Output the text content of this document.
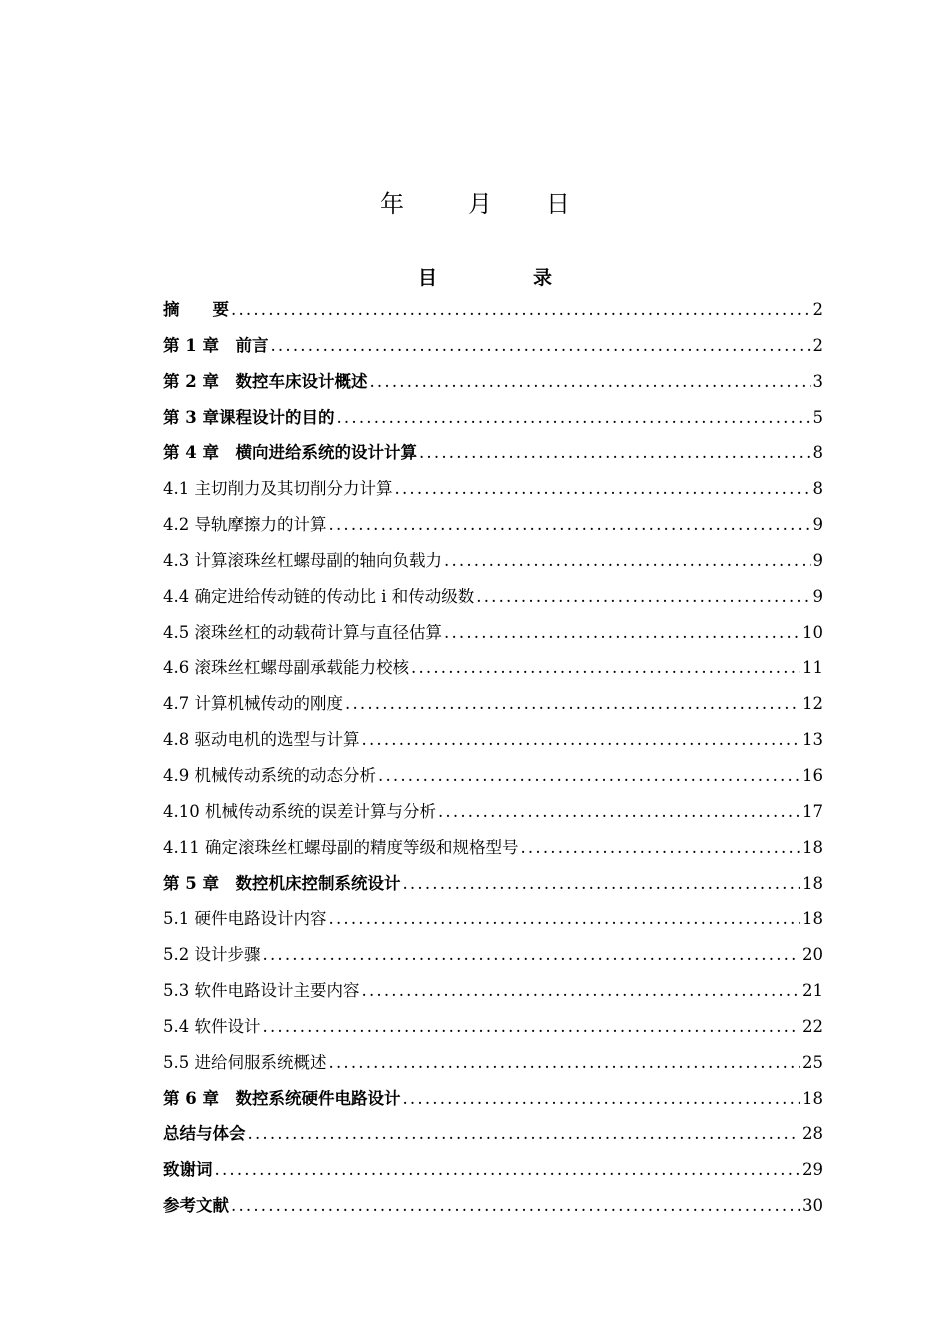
年	月 日
目	录
摘　　要 .....	2
第 1 章　前言 .....	2
第 2 章　数控车床设计概述 .....	3
第 3 章课程设计的目的 .....	5
第 4 章　横向进给系统的设计计算 .....	8
4.1 主切削力及其切削分力计算 .....	8
4.2 导轨摩擦力的计算 .....	9
4.3 计算滚珠丝杠螺母副的轴向负载力 .....	9
4.4 确定进给传动链的传动比 i 和传动级数 .....	9
4.5 滚珠丝杠的动载荷计算与直径估算 .....	10
4.6 滚珠丝杠螺母副承载能力校核 .....	11
4.7 计算机械传动的刚度 .....	12
4.8 驱动电机的选型与计算 .....	13
4.9 机械传动系统的动态分析 .....	16
4.10 机械传动系统的误差计算与分析 .....	17
4.11 确定滚珠丝杠螺母副的精度等级和规格型号 .....	18
第 5 章　数控机床控制系统设计 .....	18
5.1 硬件电路设计内容 .....	18
5.2 设计步骤 .....	20
5.3 软件电路设计主要内容 .....	21
5.4 软件设计 .....	22
5.5 进给伺服系统概述 .....	25
第 6 章　数控系统硬件电路设计 .....	18
总结与体会 .....	28
致谢词 .....	29
参考文献 .....	30
